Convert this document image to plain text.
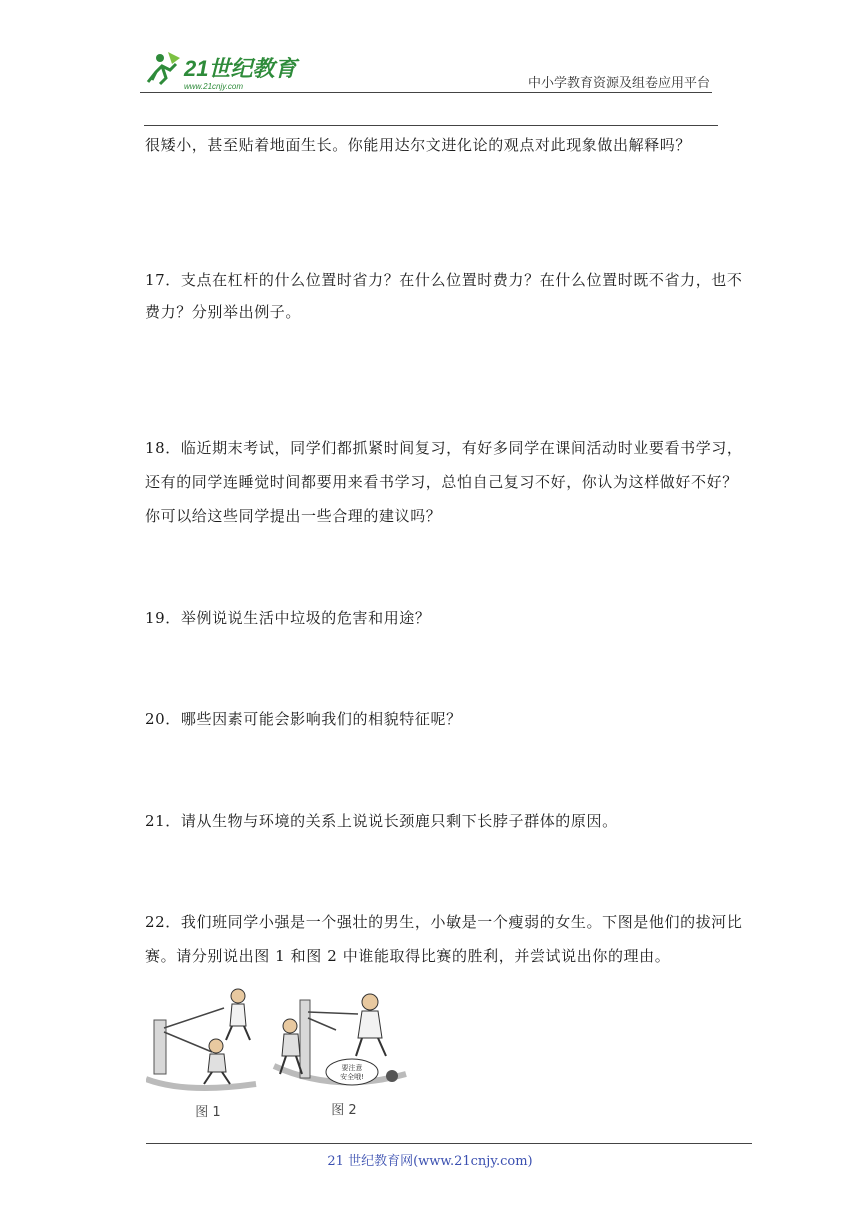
21世纪教育
www.21cnjy.com	中小学教育资源及组卷应用平台
很矮小，甚至贴着地面生长。你能用达尔文进化论的观点对此现象做出解释吗？
17．支点在杠杆的什么位置时省力？在什么位置时费力？在什么位置时既不省力，也不
费力？分别举出例子。
18．临近期末考试，同学们都抓紧时间复习，有好多同学在课间活动时业要看书学习，
还有的同学连睡觉时间都要用来看书学习，总怕自己复习不好，你认为这样做好不好？
你可以给这些同学提出一些合理的建议吗？
19．举例说说生活中垃圾的危害和用途？
20．哪些因素可能会影响我们的相貌特征呢？
21．请从生物与环境的关系上说说长颈鹿只剩下长脖子群体的原因。
22．我们班同学小强是一个强壮的男生，小敏是一个瘦弱的女生。下图是他们的拔河比
赛。请分别说出图 1 和图 2 中谁能取得比赛的胜利，并尝试说出你的理由。
要注意
安全哦!
图 1	图 2
21 世纪教育网(www.21cnjy.com)
